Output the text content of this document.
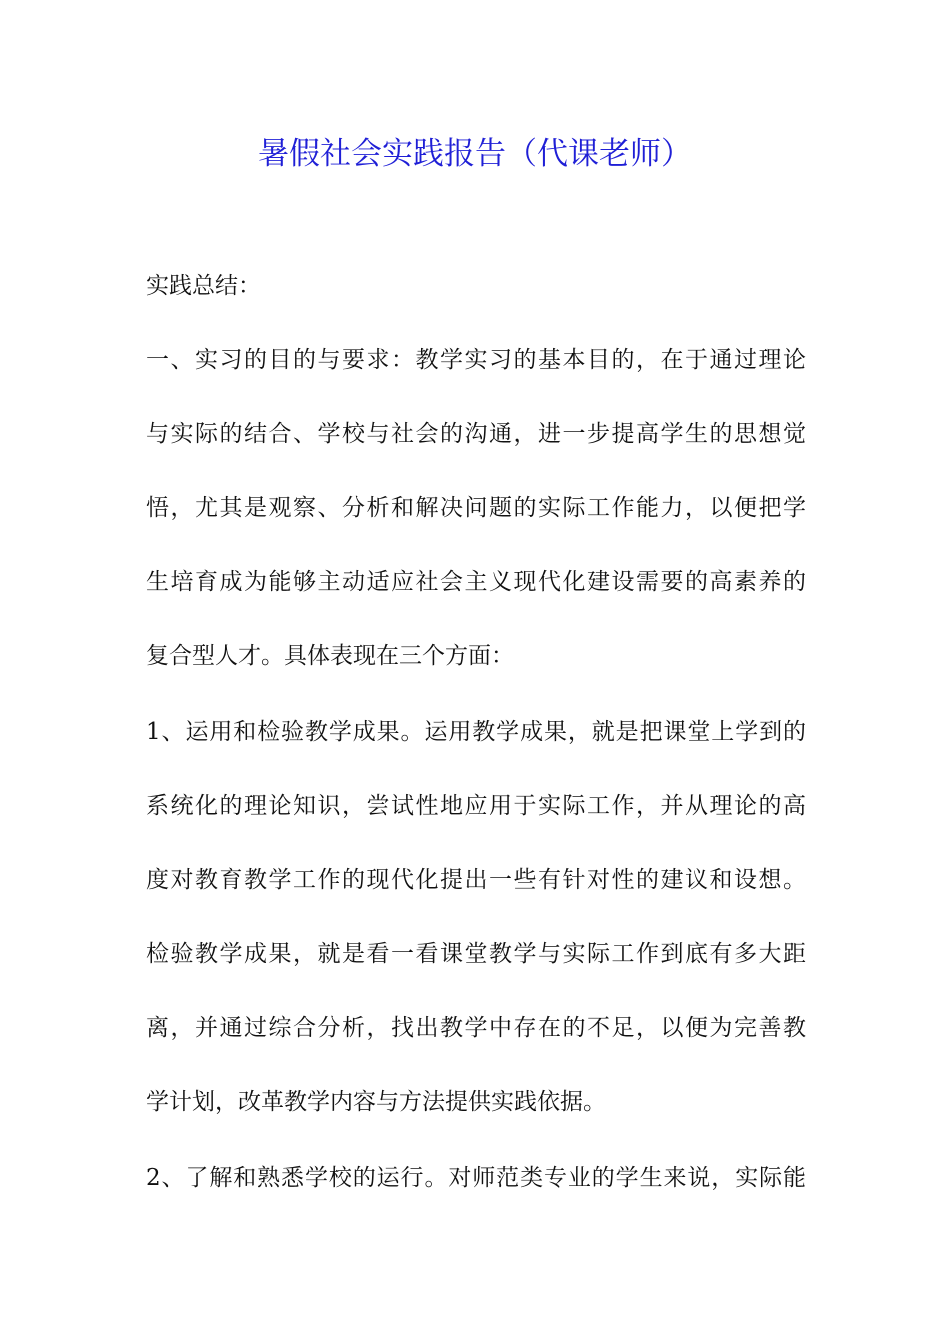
暑假社会实践报告（代课老师）
实践总结：
一、实习的目的与要求：教学实习的基本目的，在于通过理论
与实际的结合、学校与社会的沟通，进一步提高学生的思想觉
悟，尤其是观察、分析和解决问题的实际工作能力，以便把学
生培育成为能够主动适应社会主义现代化建设需要的高素养的
复合型人才。具体表现在三个方面：
1、运用和检验教学成果。运用教学成果，就是把课堂上学到的
系统化的理论知识，尝试性地应用于实际工作，并从理论的高
度对教育教学工作的现代化提出一些有针对性的建议和设想。
检验教学成果，就是看一看课堂教学与实际工作到底有多大距
离，并通过综合分析，找出教学中存在的不足，以便为完善教
学计划，改革教学内容与方法提供实践依据。
2、了解和熟悉学校的运行。对师范类专业的学生来说，实际能
